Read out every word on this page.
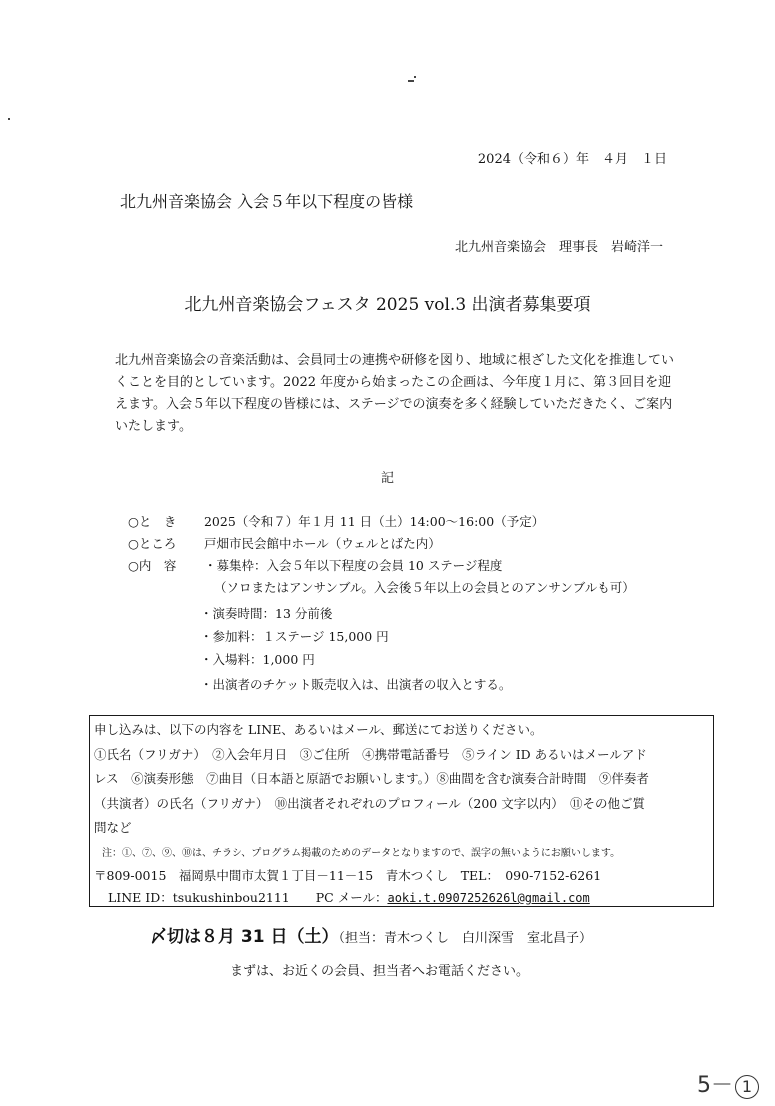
2024（令和６）年　４月　１日
北九州音楽協会 入会５年以下程度の皆様
北九州音楽協会　理事長　岩崎洋一
北九州音楽協会フェスタ 2025 vol.3 出演者募集要項
北九州音楽協会の音楽活動は、会員同士の連携や研修を図り、地域に根ざした文化を推進していくことを目的としています。2022 年度から始まったこの企画は、今年度１月に、第３回目を迎えます。入会５年以下程度の皆様には、ステージでの演奏を多く経験していただきたく、ご案内いたします。
記
○と　き 2025（令和７）年１月 11 日（土）14:00～16:00（予定）
○ところ 戸畑市民会館中ホール（ウェルとばた内）
○内　容 ・募集枠：入会５年以下程度の会員 10 ステージ程度
（ソロまたはアンサンブル。入会後５年以上の会員とのアンサンブルも可）
・演奏時間：13 分前後
・参加料：１ステージ 15,000 円
・入場料：1,000 円
・出演者のチケット販売収入は、出演者の収入とする。
申し込みは、以下の内容を LINE、あるいはメール、郵送にてお送りください。
①氏名（フリガナ）　②入会年月日　③ご住所　④携帯電話番号　⑤ライン ID あるいはメールアド
レス　⑥演奏形態　⑦曲目（日本語と原語でお願いします。）⑧曲間を含む演奏合計時間　⑨伴奏者
（共演者）の氏名（フリガナ）　⑩出演者それぞれのプロフィール（200 文字以内）　⑪その他ご質
問など
注：①、⑦、⑨、⑩は、チラシ、プログラム掲載のためのデータとなりますので、誤字の無いようにお願いします。
〒809-0015　福岡県中間市太賀１丁目－11－15　青木つくし　TEL：　090-7152-6261
LINE ID：tsukushinbou2111 PC メール：aoki.t.0907252626l@gmail.com
〆切は８月 31 日（土）（担当：青木つくし　白川深雪　室北昌子）
まずは、お近くの会員、担当者へお電話ください。
5－ 1
